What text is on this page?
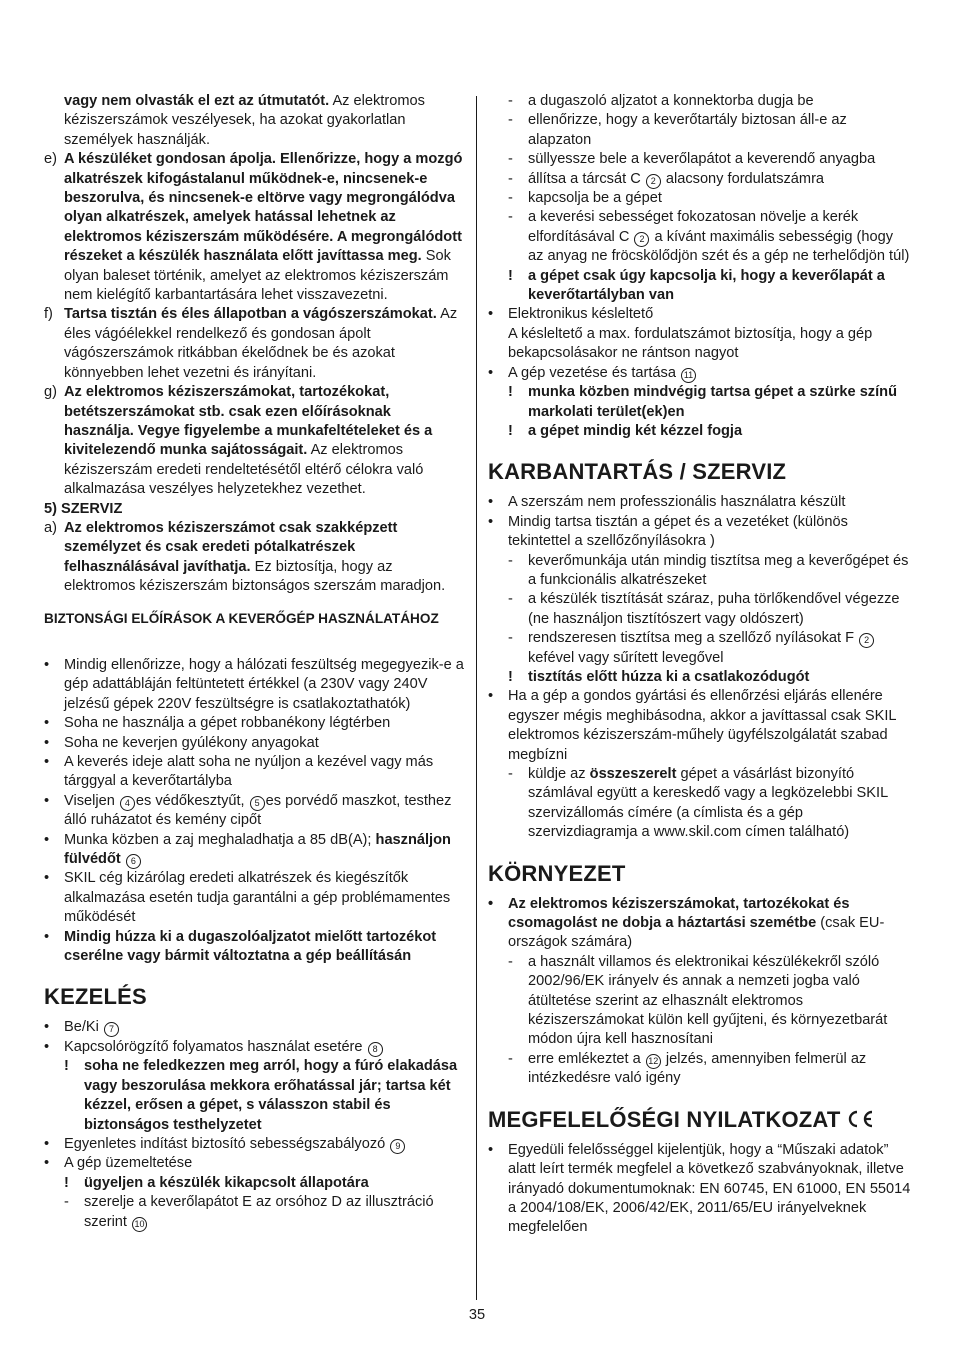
vagy nem olvasták el ezt az útmutatót. Az elektromos kéziszerszámok veszélyesek, ha azokat gyakorlatlan személyek használják.
e) A készüléket gondosan ápolja. Ellenőrizze, hogy a mozgó alkatrészek kifogástalanul működnek-e, nincsenek-e beszorulva, és nincsenek-e eltörve vagy megrongálódva olyan alkatrészek, amelyek hatással lehetnek az elektromos kéziszerszám működésére. A megrongálódott részeket a készülék használata előtt javíttassa meg. Sok olyan baleset történik, amelyet az elektromos kéziszerszám nem kielégítő karbantartására lehet visszavezetni.
f) Tartsa tisztán és éles állapotban a vágószerszámokat. Az éles vágóélekkel rendelkező és gondosan ápolt vágószerszámok ritkábban ékelődnek be és azokat könnyebben lehet vezetni és irányítani.
g) Az elektromos kéziszerszámokat, tartozékokat, betétszerszámokat stb. csak ezen előírásoknak használja. Vegye figyelembe a munkafeltételeket és a kivitelezendő munka sajátosságait. Az elektromos kéziszerszám eredeti rendeltetésétől eltérő célokra való alkalmazása veszélyes helyzetekhez vezethet.
5) SZERVIZ
a) Az elektromos kéziszerszámot csak szakképzett személyzet és csak eredeti pótalkatrészek felhasználásával javíthatja. Ez biztosítja, hogy az elektromos kéziszerszám biztonságos szerszám maradjon.
BIZTONSÁGI ELŐÍRÁSOK A KEVERŐGÉP HASZNÁLATÁHOZ
• Mindig ellenőrizze, hogy a hálózati feszültség megegyezik-e a gép adattábláján feltüntetett értékkel (a 230V vagy 240V jelzésű gépek 220V feszültségre is csatlakoztathatók)
• Soha ne használja a gépet robbanékony légtérben
• Soha ne keverjen gyúlékony anyagokat
• A keverés ideje alatt soha ne nyúljon a kezével vagy más tárggyal a keverőtartályba
• Viseljen 4 es védőkesztyűt, 5 es porvédő maszkot, testhez álló ruházatot és kemény cipőt
• Munka közben a zaj meghaladhatja a 85 dB(A); használjon fülvédőt 6
• SKIL cég kizárólag eredeti alkatrészek és kiegészítők alkalmazása esetén tudja garantálni a gép problémamentes működését
• Mindig húzza ki a dugaszolóaljzatot mielőtt tartozékot cserélne vagy bármit változtatna a gép beállításán
KEZELÉS
• Be/Ki 7
• Kapcsolórögzítő folyamatos használat esetére 8
! soha ne feledkezzen meg arról, hogy a fúró elakadása vagy beszorulása mekkora erőhatással jár; tartsa két kézzel, erősen a gépet, s válasszon stabil és biztonságos testhelyzetet
• Egyenletes indítást biztosító sebességszabályozó 9
• A gép üzemeltetése
! ügyeljen a készülék kikapcsolt állapotára
- szerelje a keverőlapátot E az orsóhoz D az illusztráció szerint 10
- a dugaszoló aljzatot a konnektorba dugja be
- ellenőrizze, hogy a keverőtartály biztosan áll-e az alapzaton
- süllyessze bele a keverőlapátot a keverendő anyagba
- állítsa a tárcsát C 2 alacsony fordulatszámra
- kapcsolja be a gépet
- a keverési sebességet fokozatosan növelje a kerék elfordításával C 2 a kívánt maximális sebességig (hogy az anyag ne fröcskölődjön szét és a gép ne terhelődjön túl)
! a gépet csak úgy kapcsolja ki, hogy a keverőlapát a keverőtartályban van
• Elektronikus késleltető
A késleltető a max. fordulatszámot biztosítja, hogy a gép bekapcsolásakor ne rántson nagyot
• A gép vezetése és tartása 11
! munka közben mindvégig tartsa gépet a szürke színű markolati terület(ek)en
! a gépet mindig két kézzel fogja
KARBANTARTÁS / SZERVIZ
• A szerszám nem professzionális használatra készült
• Mindig tartsa tisztán a gépet és a vezetéket (különös tekintettel a szellőzőnyílásokra )
- keverőmunkája után mindig tisztítsa meg a keverőgépet és a funkcionális alkatrészeket
- a készülék tisztítását száraz, puha törlőkendővel végezze (ne használjon tisztítószert vagy oldószert)
- rendszeresen tisztítsa meg a szellőző nyílásokat F 2 kefével vagy sűrített levegővel
! tisztítás előtt húzza ki a csatlakozódugót
• Ha a gép a gondos gyártási és ellenőrzési eljárás ellenére egyszer mégis meghibásodna, akkor a javíttassal csak SKIL elektromos kéziszerszám-műhely ügyfélszolgálatát szabad megbízni
- küldje az összeszerelt gépet a vásárlást bizonyító számlával együtt a kereskedő vagy a legközelebbi SKIL szervizállomás címére (a címlista és a gép szervizdiagramja a www.skil.com címen található)
KÖRNYEZET
• Az elektromos kéziszerszámokat, tartozékokat és csomagolást ne dobja a háztartási szemétbe (csak EU-országok számára)
- a használt villamos és elektronikai készülékekről szóló 2002/96/EK irányelv és annak a nemzeti jogba való átültetése szerint az elhasznált elektromos kéziszerszámokat külön kell gyűjteni, és környezetbarát módon újra kell hasznosítani
- erre emlékeztet a 12 jelzés, amennyiben felmerül az intézkedésre való igény
MEGFELELŐSÉGI NYILATKOZAT
• Egyedüli felelősséggel kijelentjük, hogy a “Műszaki adatok” alatt leírt termék megfelel a következő szabványoknak, illetve irányadó dokumentumoknak: EN 60745, EN 61000, EN 55014 a 2004/108/EK, 2006/42/EK, 2011/65/EU irányelveknek megfelelően
35
